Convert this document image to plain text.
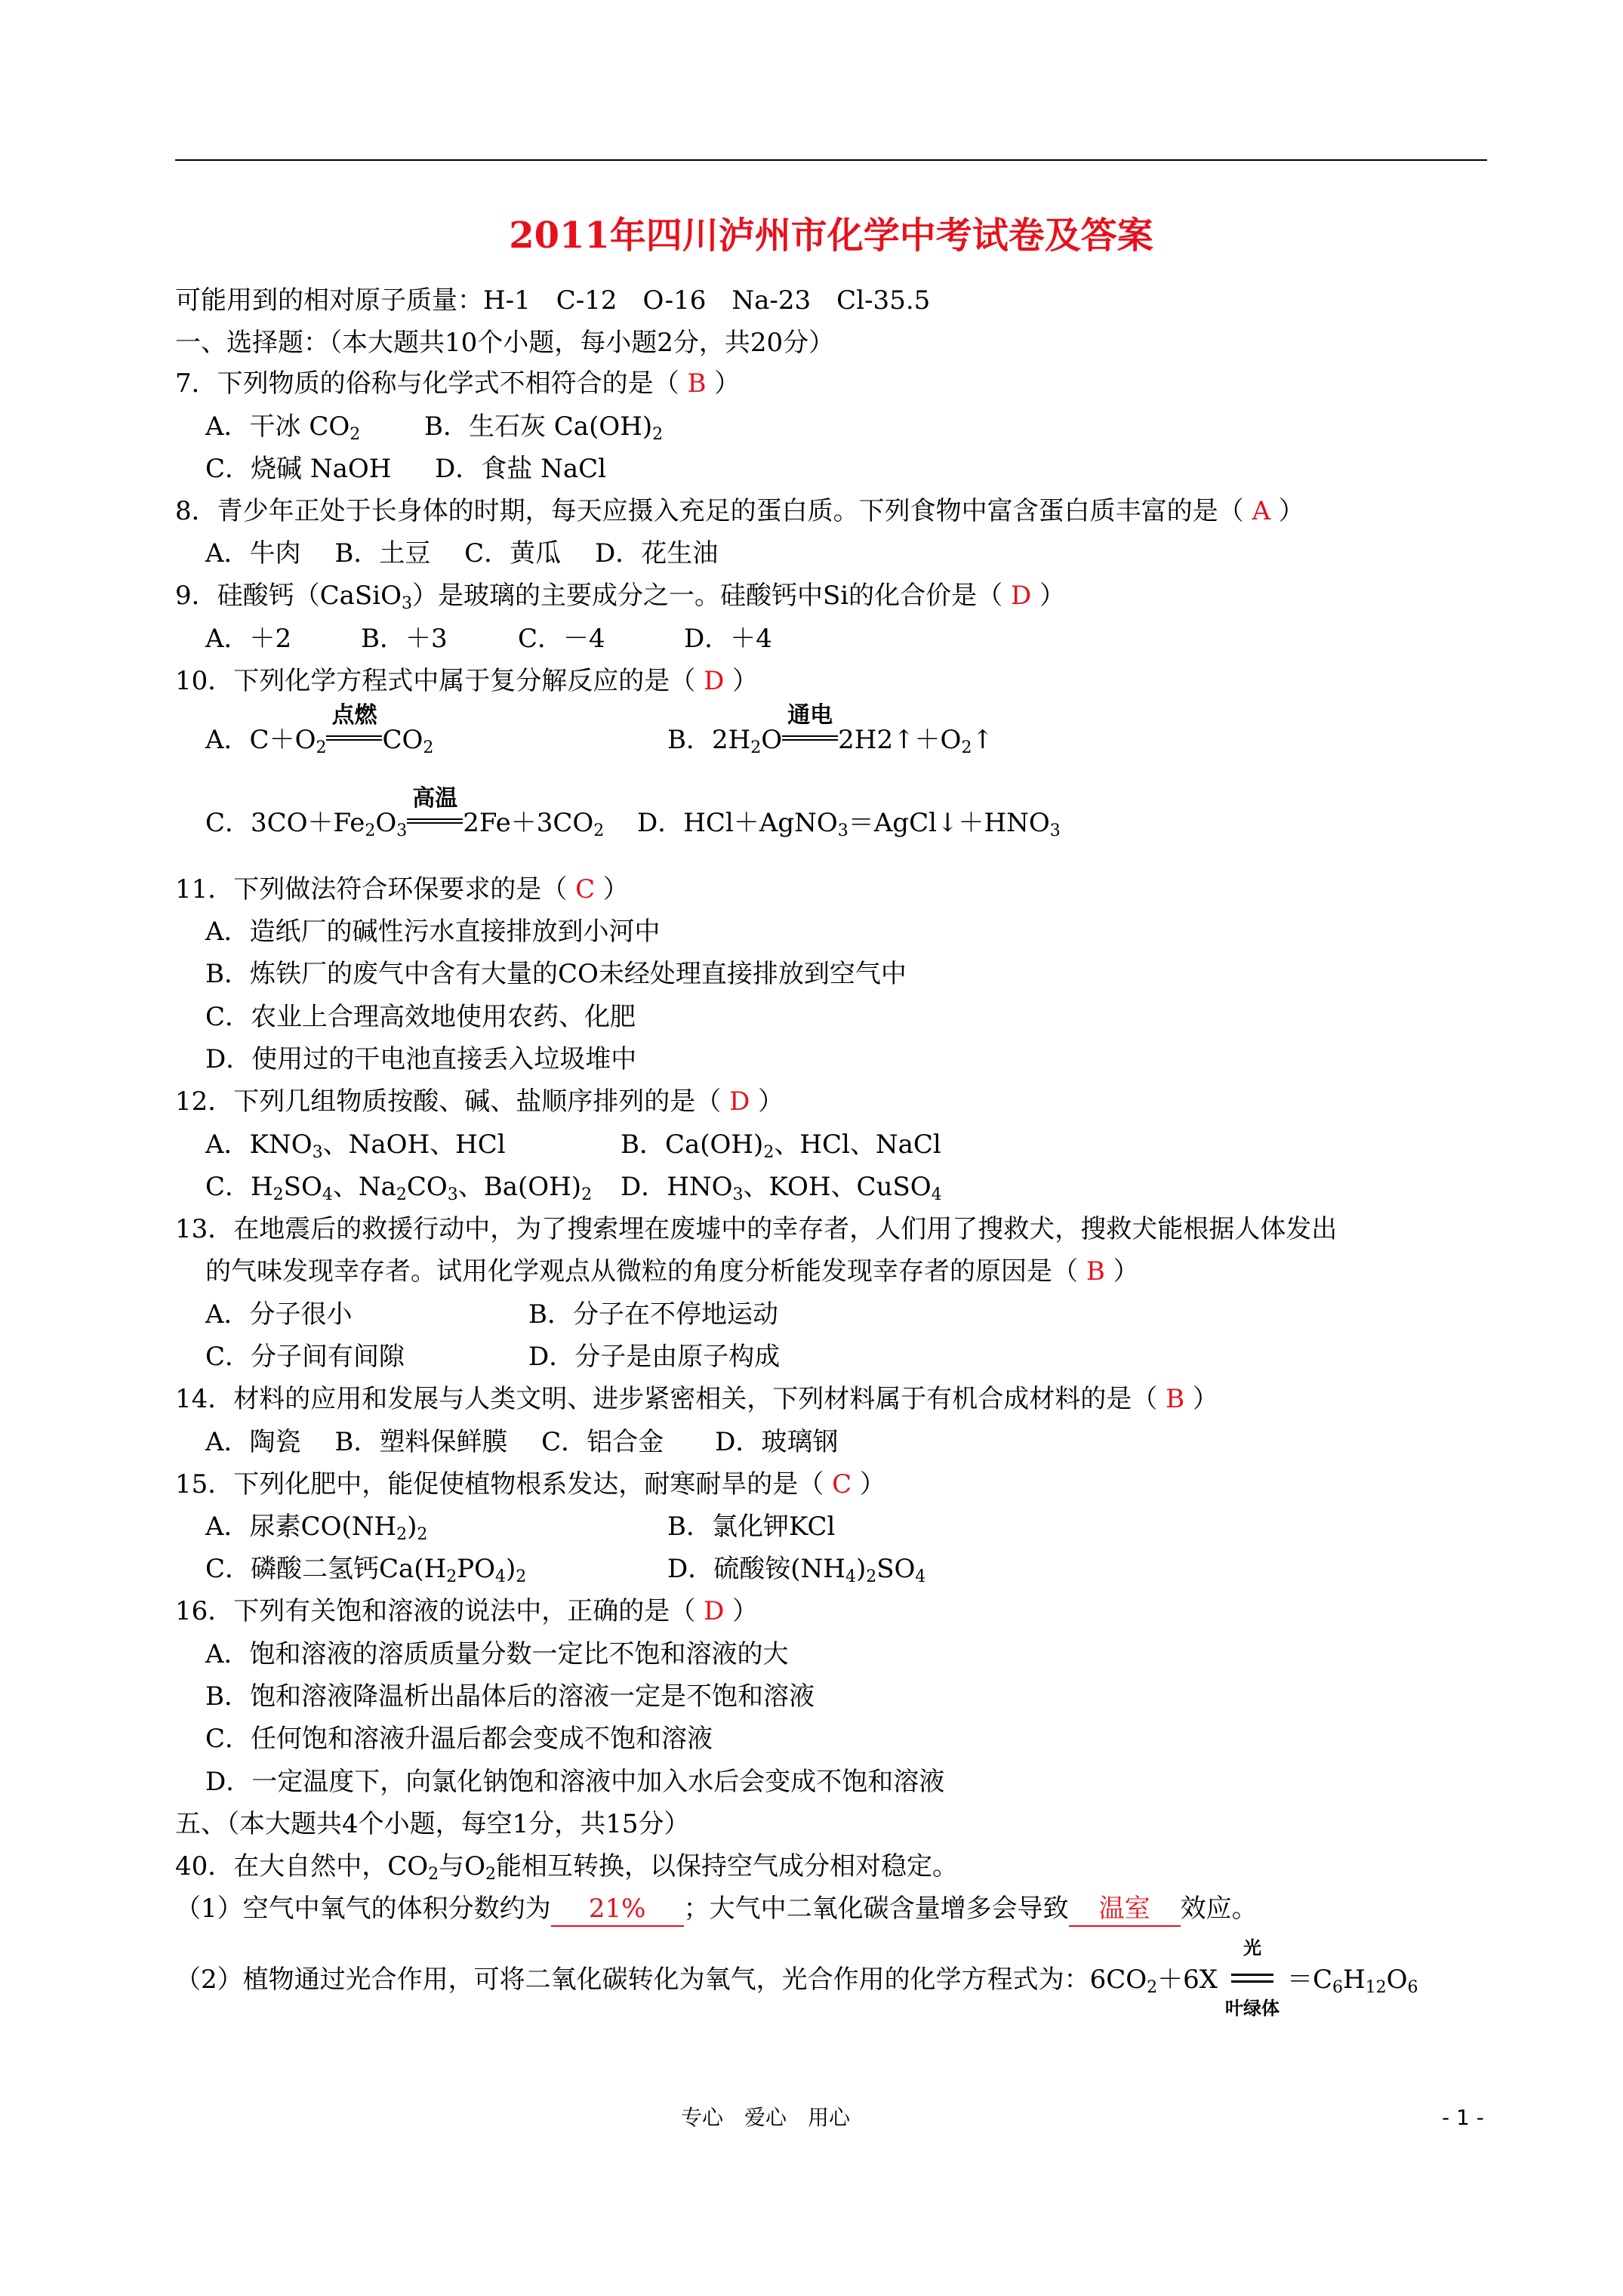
2011年四川泸州市化学中考试卷及答案
可能用到的相对原子质量：H-1　C-12　O-16　Na-23　Cl-35.5
一、选择题：（本大题共10个小题，每小题2分，共20分）
7．下列物质的俗称与化学式不相符合的是（ B ）
A．干冰 $CO_2$ B．生石灰 $Ca(OH)_2$
C．烧碱 NaOH D．食盐 NaCl
8．青少年正处于长身体的时期，每天应摄入充足的蛋白质。下列食物中富含蛋白质丰富的是（ A ）
A．牛肉　 B．土豆　 C．黄瓜　 D．花生油
9．硅酸钙（CaSiO$_3$）是玻璃的主要成分之一。硅酸钙中Si的化合价是（ D ）
A．＋2	B．＋3	C．－4	D．＋4
10．下列化学方程式中属于复分解反应的是（ D ）
A．$C+O_2$
点燃
$CO_2$	B．$2H_2O$
通电
$2H2↑+O_2↑$
C．$3CO+Fe_2O_3$
高温
$2Fe+3CO_2$ D．$HCl+AgNO_3=AgCl↓+HNO_3$
11．下列做法符合环保要求的是（ C ）
A．造纸厂的碱性污水直接排放到小河中
B．炼铁厂的废气中含有大量的CO未经处理直接排放到空气中
C．农业上合理高效地使用农药、化肥
D．使用过的干电池直接丢入垃圾堆中
12．下列几组物质按酸、碱、盐顺序排列的是（ D ）
A．$KNO_3$、NaOH、HCl	B．$Ca(OH)_2$、HCl、NaCl
C．$H_2SO_4$、$Na_2CO_3$、$Ba(OH)_2$ D．$HNO_3$、KOH、CuSO$_4$
13．在地震后的救援行动中，为了搜索埋在废墟中的幸存者，人们用了搜救犬，搜救犬能根据人体发出
的气味发现幸存者。试用化学观点从微粒的角度分析能发现幸存者的原因是（ B ）
A．分子很小	B．分子在不停地运动
C．分子间有间隙	D．分子是由原子构成
14．材料的应用和发展与人类文明、进步紧密相关，下列材料属于有机合成材料的是（ B ）
A．陶瓷　 B．塑料保鲜膜　 C．铝合金　　D．玻璃钢
15．下列化肥中，能促使植物根系发达，耐寒耐旱的是（ C ）
A．尿素$CO(NH_2)_2$	B．氯化钾KCl
C．磷酸二氢钙$Ca(H_2PO_4)_2$	D．硫酸铵$(NH_4)_2SO_4$
16．下列有关饱和溶液的说法中，正确的是（ D ）
A．饱和溶液的溶质质量分数一定比不饱和溶液的大
B．饱和溶液降温析出晶体后的溶液一定是不饱和溶液
C．任何饱和溶液升温后都会变成不饱和溶液
D．一定温度下，向氯化钠饱和溶液中加入水后会变成不饱和溶液
五、（本大题共4个小题，每空1分，共15分）
40．在大自然中，$CO_2$与$O_2$能相互转换，以保持空气成分相对稳定。
（1）空气中氧气的体积分数约为 21% ；大气中二氧化碳含量增多会导致 温室 效应。
（2）植物通过光合作用，可将二氧化碳转化为氧气，光合作用的化学方程式为：$6CO_2+6X$
光
叶绿体
$=C_6H_{12}O_6$
专心　爱心　用心	- 1 -
